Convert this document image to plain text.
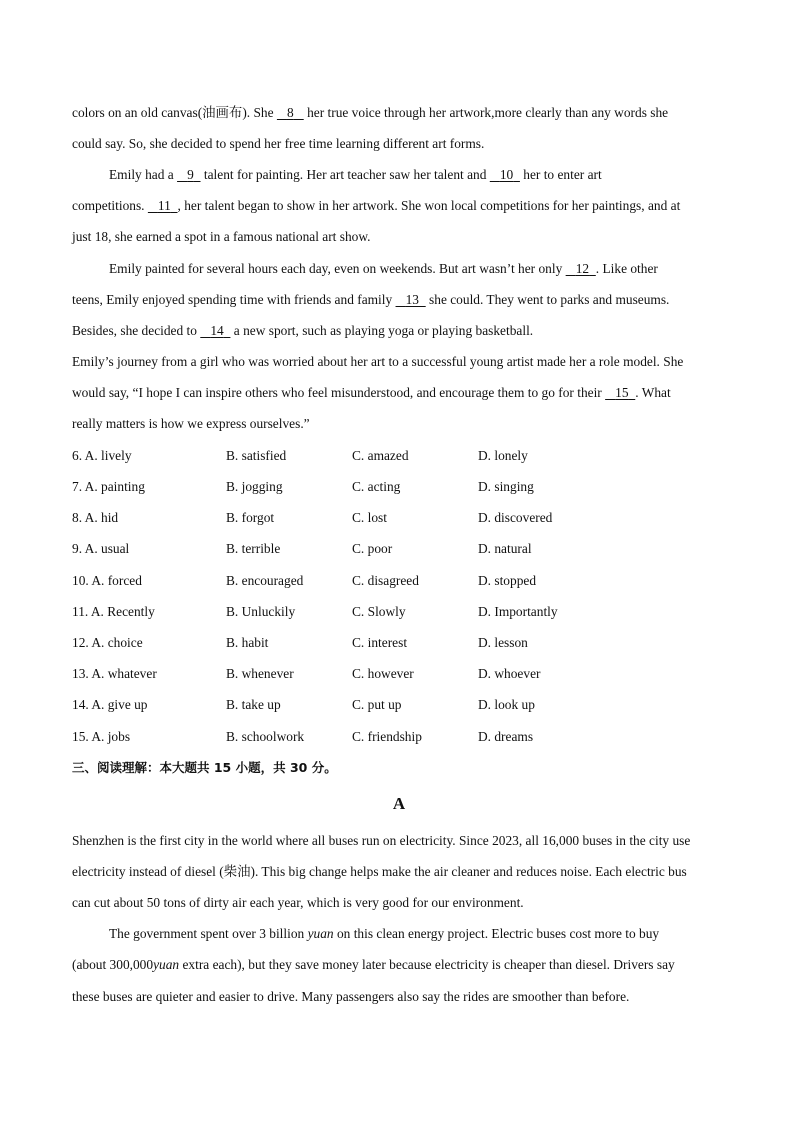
colors on an old canvas(油画布). She    8    her true voice through her artwork,more clearly than any words she
could say. So, she decided to spend her free time learning different art forms.
Emily had a    9   talent for painting. Her art teacher saw her talent and    10   her to enter art
competitions.    11 , her talent began to show in her artwork. She won local competitions for her paintings, and at
just 18, she earned a spot in a famous national art show.
Emily painted for several hours each day, even on weekends. But art wasn’t her only    12 . Like other
teens, Emily enjoyed spending time with friends and family    13   she could. They went to parks and museums.
Besides, she decided to    14   a new sport, such as playing yoga or playing basketball.
Emily’s journey from a girl who was worried about her art to a successful young artist made her a role model. She
would say, “I hope I can inspire others who feel misunderstood, and encourage them to go for their    15 . What
really matters is how we express ourselves.”
6. A. lively	B. satisfied	C. amazed	D. lonely
7. A. painting	B. jogging	C. acting	D. singing
8. A. hid	B. forgot	C. lost	D. discovered
9. A. usual	B. terrible	C. poor	D. natural
10. A. forced	B. encouraged	C. disagreed	D. stopped
11. A. Recently	B. Unluckily	C. Slowly	D. Importantly
12. A. choice	B. habit	C. interest	D. lesson
13. A. whatever	B. whenever	C. however	D. whoever
14. A. give up	B. take up	C. put up	D. look up
15. A. jobs	B. schoolwork	C. friendship	D. dreams
三、阅读理解：本大题共 15 小题，共 30 分。
A
Shenzhen is the first city in the world where all buses run on electricity. Since 2023, all 16,000 buses in the city use
electricity instead of diesel (柴油). This big change helps make the air cleaner and reduces noise. Each electric bus
can cut about 50 tons of dirty air each year, which is very good for our environment.
The government spent over 3 billion yuan on this clean energy project. Electric buses cost more to buy
(about 300,000yuan extra each), but they save money later because electricity is cheaper than diesel. Drivers say
these buses are quieter and easier to drive. Many passengers also say the rides are smoother than before.
